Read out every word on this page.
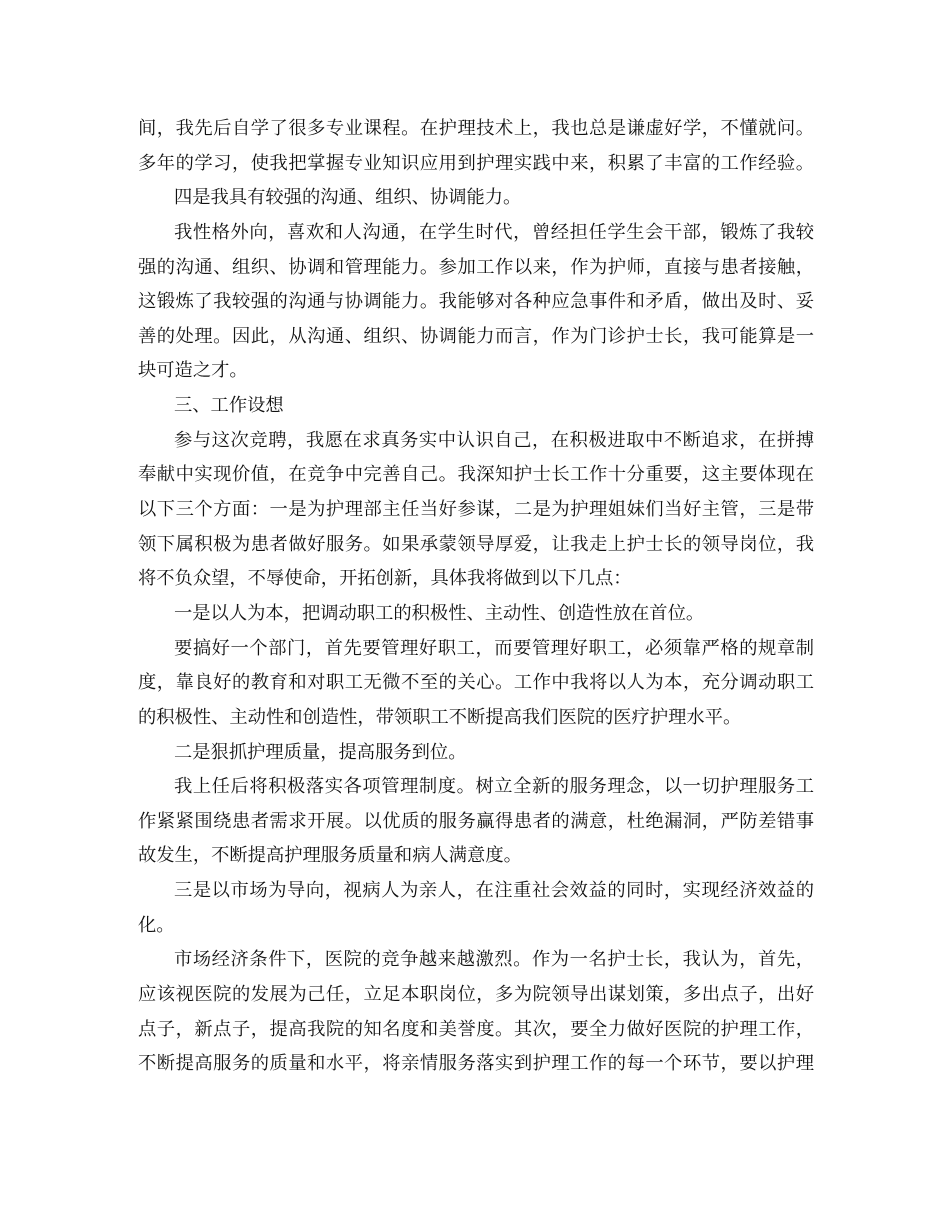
间，我先后自学了很多专业课程。在护理技术上，我也总是谦虚好学，不懂就问。
多年的学习，使我把掌握专业知识应用到护理实践中来，积累了丰富的工作经验。
四是我具有较强的沟通、组织、协调能力。
我性格外向，喜欢和人沟通，在学生时代，曾经担任学生会干部，锻炼了我较
强的沟通、组织、协调和管理能力。参加工作以来，作为护师，直接与患者接触，
这锻炼了我较强的沟通与协调能力。我能够对各种应急事件和矛盾，做出及时、妥
善的处理。因此，从沟通、组织、协调能力而言，作为门诊护士长，我可能算是一
块可造之才。
三、工作设想
参与这次竞聘，我愿在求真务实中认识自己，在积极进取中不断追求，在拼搏
奉献中实现价值，在竞争中完善自己。我深知护士长工作十分重要，这主要体现在
以下三个方面：一是为护理部主任当好参谋，二是为护理姐妹们当好主管，三是带
领下属积极为患者做好服务。如果承蒙领导厚爱，让我走上护士长的领导岗位，我
将不负众望，不辱使命，开拓创新，具体我将做到以下几点：
一是以人为本，把调动职工的积极性、主动性、创造性放在首位。
要搞好一个部门，首先要管理好职工，而要管理好职工，必须靠严格的规章制
度，靠良好的教育和对职工无微不至的关心。工作中我将以人为本，充分调动职工
的积极性、主动性和创造性，带领职工不断提高我们医院的医疗护理水平。
二是狠抓护理质量，提高服务到位。
我上任后将积极落实各项管理制度。树立全新的服务理念，以一切护理服务工
作紧紧围绕患者需求开展。以优质的服务赢得患者的满意，杜绝漏洞，严防差错事
故发生，不断提高护理服务质量和病人满意度。
三是以市场为导向，视病人为亲人，在注重社会效益的同时，实现经济效益的
化。
市场经济条件下，医院的竞争越来越激烈。作为一名护士长，我认为，首先，
应该视医院的发展为己任，立足本职岗位，多为院领导出谋划策，多出点子，出好
点子，新点子，提高我院的知名度和美誉度。其次，要全力做好医院的护理工作，
不断提高服务的质量和水平，将亲情服务落实到护理工作的每一个环节，要以护理
